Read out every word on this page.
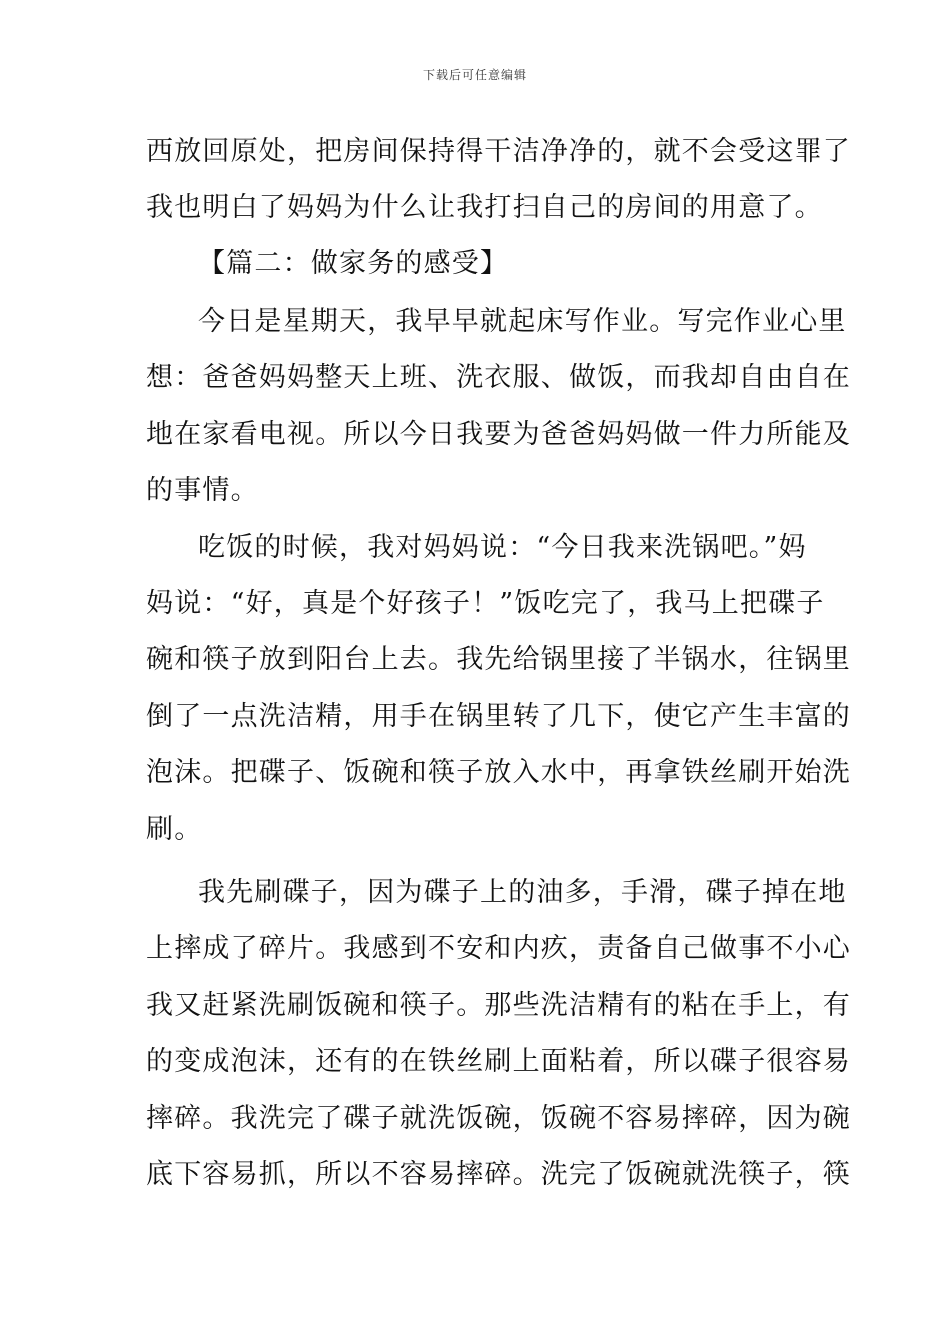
下载后可任意编辑
西放回原处，把房间保持得干洁净净的，就不会受这罪了
我也明白了妈妈为什么让我打扫自己的房间的用意了。
【篇二：做家务的感受】
今日是星期天，我早早就起床写作业。写完作业心里
想：爸爸妈妈整天上班、洗衣服、做饭，而我却自由自在
地在家看电视。所以今日我要为爸爸妈妈做一件力所能及
的事情。
吃饭的时候，我对妈妈说：“今日我来洗锅吧。”妈
妈说：“好，真是个好孩子！”饭吃完了，我马上把碟子
碗和筷子放到阳台上去。我先给锅里接了半锅水，往锅里
倒了一点洗洁精，用手在锅里转了几下，使它产生丰富的
泡沫。把碟子、饭碗和筷子放入水中，再拿铁丝刷开始洗
刷。
我先刷碟子，因为碟子上的油多，手滑，碟子掉在地
上摔成了碎片。我感到不安和内疚，责备自己做事不小心
我又赶紧洗刷饭碗和筷子。那些洗洁精有的粘在手上，有
的变成泡沫，还有的在铁丝刷上面粘着，所以碟子很容易
摔碎。我洗完了碟子就洗饭碗，饭碗不容易摔碎，因为碗
底下容易抓，所以不容易摔碎。洗完了饭碗就洗筷子，筷
